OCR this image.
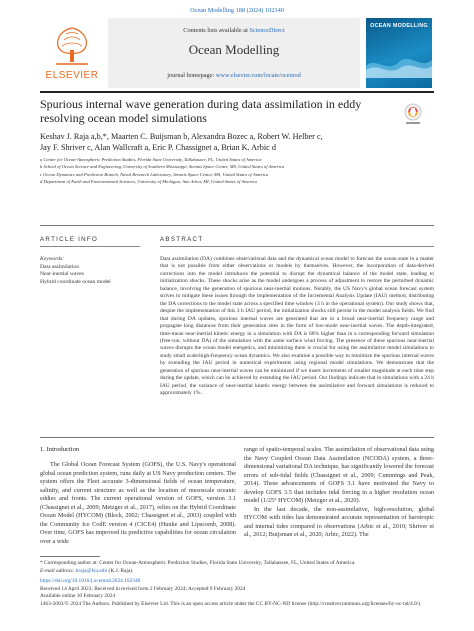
Ocean Modelling 188 (2024) 102340
ELSEVIER
Contents lists available at ScienceDirect
Ocean Modelling
journal homepage: www.elsevier.com/locate/ocemod
OCEAN MODELLING
Spurious internal wave generation during data assimilation in eddy resolving ocean model simulations
Keshav J. Raja a,b,*, Maarten C. Buijsman b, Alexandra Bozec a, Robert W. Helber c,
Jay F. Shriver c, Alan Wallcraft a, Eric P. Chassignet a, Brian K. Arbic d
a Center for Ocean-Atmospheric Prediction Studies, Florida State University, Tallahassee, FL, United States of America
b School of Ocean Science and Engineering, University of Southern Mississippi, Stennis Space Center, MS, United States of America
c Ocean Dynamics and Prediction Branch, Naval Research Laboratory, Stennis Space Center, MS, United States of America
d Department of Earth and Environmental Sciences, University of Michigan, Ann Arbor, MI, United States of America
ARTICLE INFO
Keywords:
Data assimilation
Near-inertial waves
Hybrid coordinate ocean model
ABSTRACT
Data assimilation (DA) combines observational data and the dynamical ocean model to forecast the ocean state in a matter that is not possible from either observations or models by themselves. However, the incorporation of data-derived corrections into the model introduces the potential to disrupt the dynamical balance of the model state, leading to initialization shocks. These shocks arise as the model undergoes a process of adjustment to restore the perturbed dynamic balance, involving the generation of spurious near-inertial motions. Notably, the US Navy's global ocean forecast system strives to mitigate these issues through the implementation of the Incremental Analysis Update (IAU) method, distributing the DA corrections to the model state across a specified time window (3 h in the operational system). Our study shows that, despite the implementation of this 3 h IAU period, the initialization shocks still persist in the model analysis fields. We find that during DA updates, spurious internal waves are generated that are in a broad near-inertial frequency range and propagate long distances from their generation sites in the form of low-mode near-inertial waves. The depth-integrated, time-mean near-inertial kinetic energy in a simulation with DA is 68% higher than in a corresponding forward simulation (free-run, without DA) of the simulation with the same surface wind forcing. The presence of these spurious near-inertial waves disrupts the ocean model energetics, and minimizing them is crucial for using the assimilative model simulations to study small scale/high-frequency ocean dynamics. We also examine a possible way to minimize the spurious internal waves by extending the IAU period in numerical experiments using regional model simulations. We demonstrate that the generation of spurious near-inertial waves can be minimized if we insert increments of smaller magnitude at each time step during the update, which can be achieved by extending the IAU period. Our findings indicate that in simulations with a 24 h IAU period, the variance of near-inertial kinetic energy between the assimilative and forward simulations is reduced to approximately 1%.
1. Introduction
The Global Ocean Forecast System (GOFS), the U.S. Navy's operational global ocean prediction system, runs daily at US Navy production centers. The system offers the Fleet accurate 3-dimensional fields of ocean temperature, salinity, and current structure as well as the location of mesoscale oceanic eddies and fronts. The current operational version of GOFS, version 3.1 (Chassignet et al., 2009; Metzger et al., 2017), relies on the Hybrid Coordinate Ocean Model (HYCOM) (Bleck, 2002; Chassignet et al., 2003) coupled with the Community Ice CodE version 4 (CICE4) (Hunke and Lipscomb, 2008). Over time, GOFS has improved its predictive capabilities for ocean circulation over a wide
range of spatio-temporal scales. The assimilation of observational data using the Navy Coupled Ocean Data Assimilation (NCODA) system, a three-dimensional variational DA technique, has significantly lowered the forecast errors of sub-tidal fields (Chassignet et al., 2009; Cummings and Peak, 2014). These advancements of GOFS 3.1 have motivated the Navy to develop GOFS 3.5 that includes tidal forcing in a higher resolution ocean model (1/25° HYCOM) (Metzger et al., 2020).
In the last decade, the non-assimilative, high-resolution, global HYCOM with tides has demonstrated accurate representation of barotropic and internal tides compared to observations (Arbic et al., 2010; Shriver et al., 2012; Buijsman et al., 2020; Arbic, 2022). The
* Corresponding author at: Center for Ocean-Atmospheric Prediction Studies, Florida State University, Tallahassee, FL, United States of America.
E-mail address: kraja@fsu.edu (K.J. Raja).
https://doi.org/10.1016/j.ocemod.2024.102340
Received 14 April 2023; Received in revised form 2 February 2024; Accepted 9 February 2024
Available online 10 February 2024
1463-5003/© 2024 The Authors. Published by Elsevier Ltd. This is an open access article under the CC BY-NC-ND license (http://creativecommons.org/licenses/by-nc-nd/4.0/).
